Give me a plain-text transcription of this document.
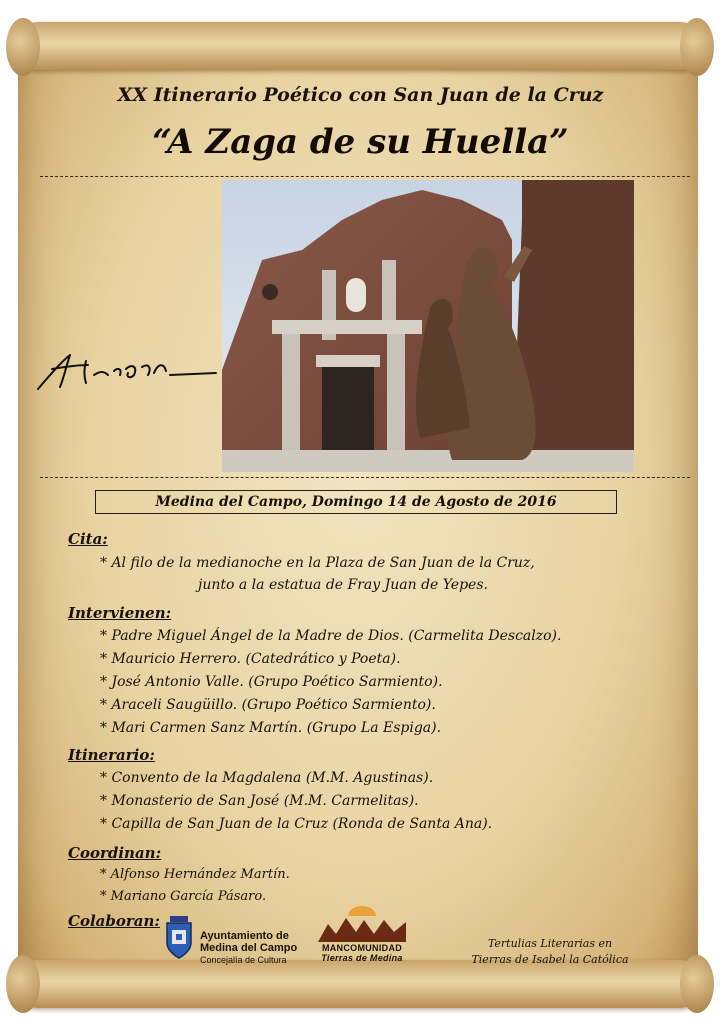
XX Itinerario Poético con San Juan de la Cruz
“A Zaga de su Huella”
Medina del Campo, Domingo 14 de Agosto de 2016
Cita:
* Al filo de la medianoche en la Plaza de San Juan de la Cruz,
junto a la estatua de Fray Juan de Yepes.
Intervienen:
* Padre Miguel Ángel de la Madre de Dios. (Carmelita Descalzo).
* Mauricio Herrero. (Catedrático y Poeta).
* José Antonio Valle. (Grupo Poético Sarmiento).
* Araceli Saugüillo. (Grupo Poético Sarmiento).
* Mari Carmen Sanz Martín. (Grupo La Espiga).
Itinerario:
* Convento de la Magdalena (M.M. Agustinas).
* Monasterio de San José (M.M. Carmelitas).
* Capilla de San Juan de la Cruz (Ronda de Santa Ana).
Coordinan:
* Alfonso Hernández Martín.
* Mariano García Pásaro.
Colaboran:
Ayuntamiento de
Medina del Campo
Concejalía de Cultura
MANCOMUNIDAD
Tierras de Medina
Tertulias Literarias en
Tierras de Isabel la Católica
